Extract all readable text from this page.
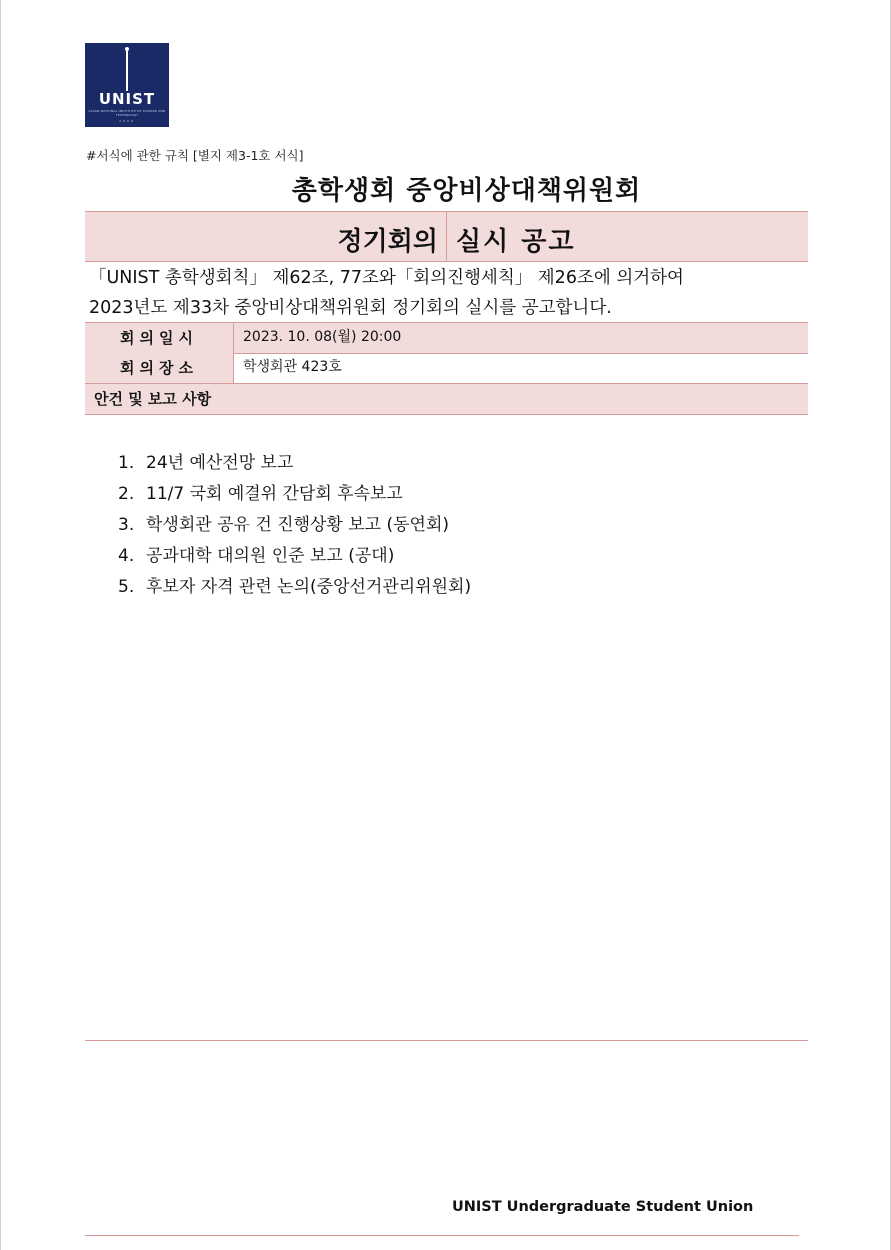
UNIST
ULSAN NATIONAL INSTITUTE OF SCIENCE AND TECHNOLOGY
2009
#서식에 관한 규칙 [별지 제3-1호 서식]
총학생회 중앙비상대책위원회
정기회의 실시 공고
「UNIST 총학생회칙」 제62조, 77조와「회의진행세칙」 제26조에 의거하여
2023년도 제33차 중앙비상대책위원회 정기회의 실시를 공고합니다.
회의일시	2023. 10. 08(월) 20:00
회의장소	학생회관 423호
안건 및 보고 사항
1. 24년 예산전망 보고
2. 11/7 국회 예결위 간담회 후속보고
3. 학생회관 공유 건 진행상황 보고 (동연회)
4. 공과대학 대의원 인준 보고 (공대)
5. 후보자 자격 관련 논의(중앙선거관리위원회)
UNIST Undergraduate Student Union
